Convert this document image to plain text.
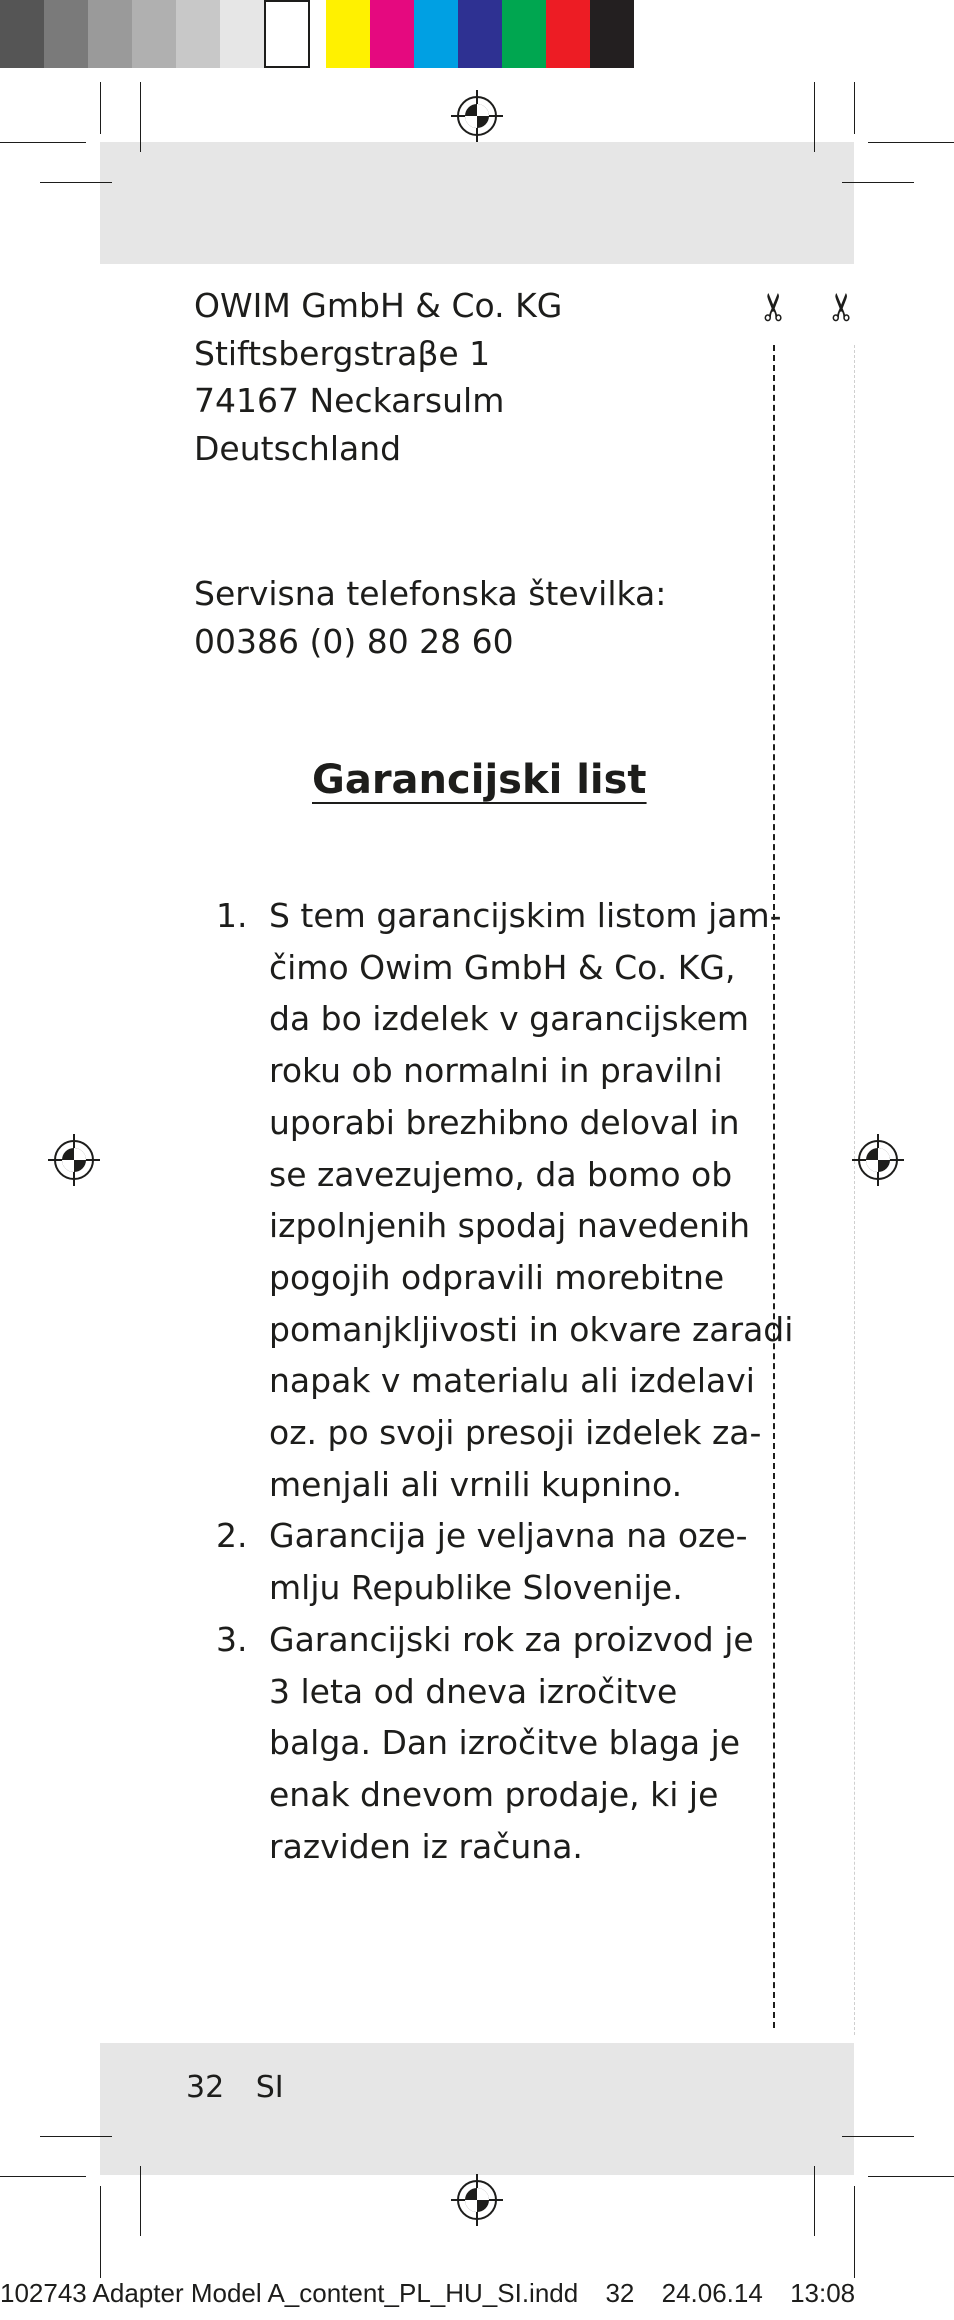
✂ ✂
OWIM GmbH & Co. KG
Stiftsbergstraβe 1
74167 Neckarsulm
Deutschland
Servisna telefonska številka:
00386 (0) 80 28 60
Garancijski list
1. S tem garancijskim listom jam-
čimo Owim GmbH & Co. KG,
da bo izdelek v garancijskem
roku ob normalni in pravilni
uporabi brezhibno deloval in
se zavezujemo, da bomo ob
izpolnjenih spodaj navedenih
pogojih odpravili morebitne
pomanjkljivosti in okvare zaradi
napak v materialu ali izdelavi
oz. po svoji presoji izdelek za-
menjali ali vrnili kupnino.
2. Garancija je veljavna na oze-
mlju Republike Slovenije.
3. Garancijski rok za proizvod je
3 leta od dneva izročitve
balga. Dan izročitve blaga je
enak dnevom prodaje, ki je
razviden iz računa.
32 SI
102743 Adapter Model A_content_PL_HU_SI.indd 32 24.06.14 13:08
